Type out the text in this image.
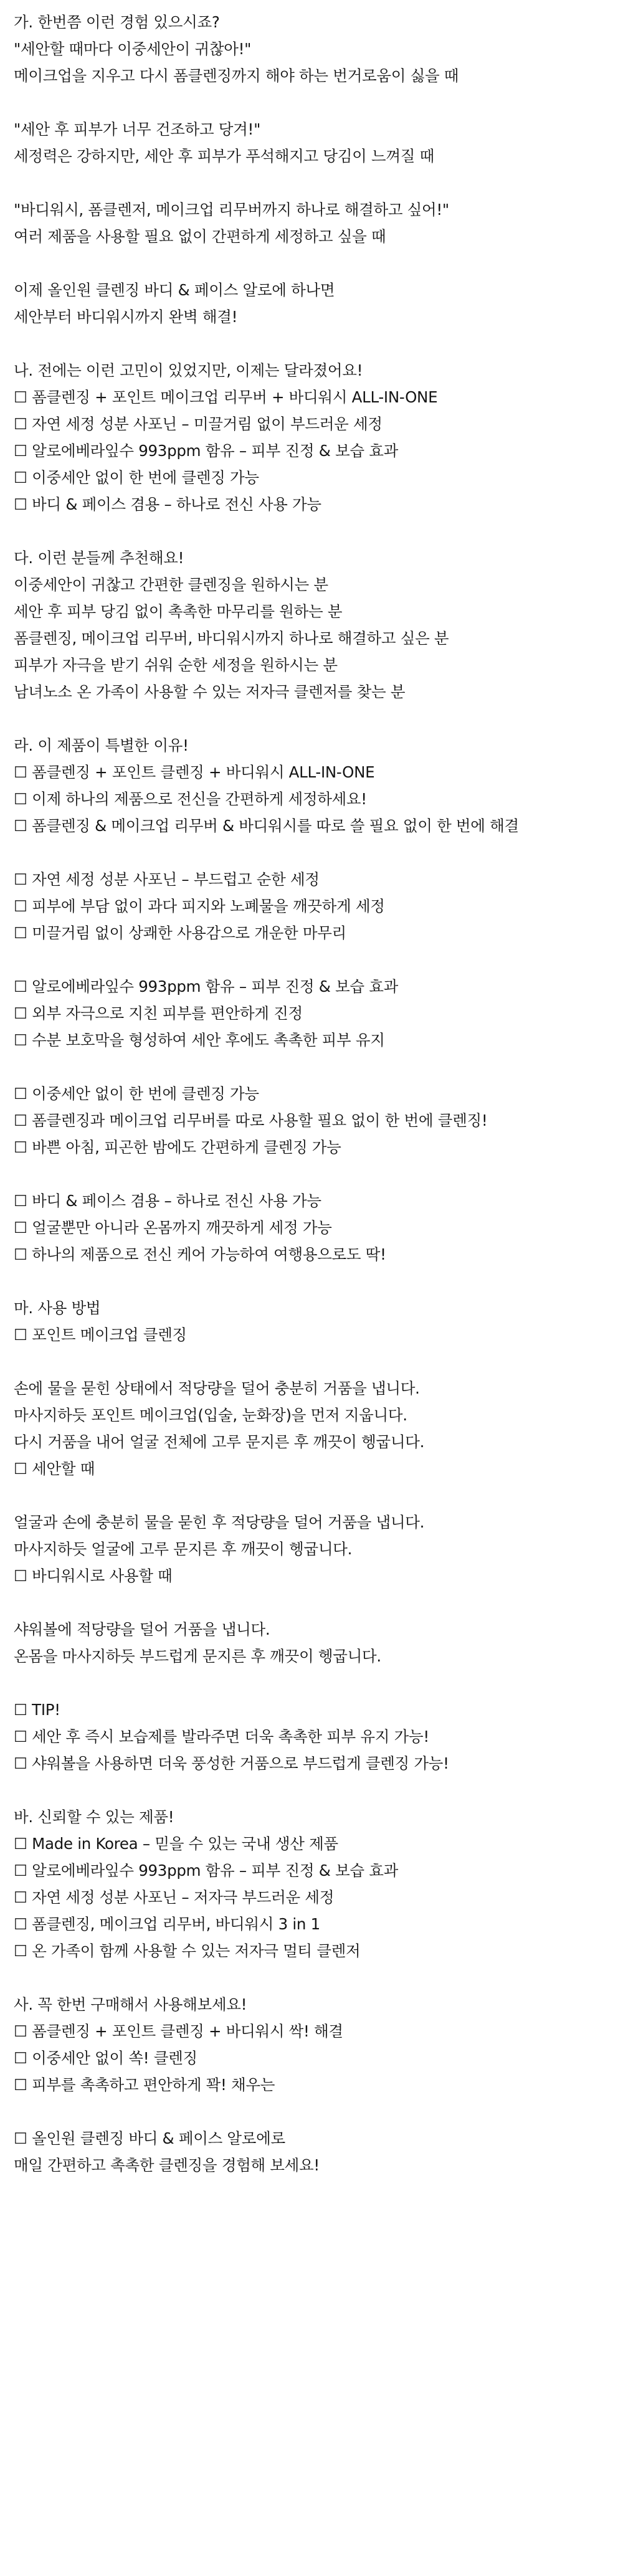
가. 한번쯤 이런 경험 있으시죠?

"세안할 때마다 이중세안이 귀찮아!"

메이크업을 지우고 다시 폼클렌징까지 해야 하는 번거로움이 싫을 때

"세안 후 피부가 너무 건조하고 당겨!"

세정력은 강하지만, 세안 후 피부가 푸석해지고 당김이 느껴질 때

"바디워시, 폼클렌저, 메이크업 리무버까지 하나로 해결하고 싶어!"

여러 제품을 사용할 필요 없이 간편하게 세정하고 싶을 때

이제 올인원 클렌징 바디 & 페이스 알로에 하나면

세안부터 바디워시까지 완벽 해결!

나. 전에는 이런 고민이 있었지만, 이제는 달라졌어요!

☐ 폼클렌징 + 포인트 메이크업 리무버 + 바디워시 ALL-IN-ONE

☐ 자연 세정 성분 사포닌 – 미끌거림 없이 부드러운 세정

☐ 알로에베라잎수 993ppm 함유 – 피부 진정 & 보습 효과

☐ 이중세안 없이 한 번에 클렌징 가능

☐ 바디 & 페이스 겸용 – 하나로 전신 사용 가능

다. 이런 분들께 추천해요!

이중세안이 귀찮고 간편한 클렌징을 원하시는 분

세안 후 피부 당김 없이 촉촉한 마무리를 원하는 분

폼클렌징, 메이크업 리무버, 바디워시까지 하나로 해결하고 싶은 분

피부가 자극을 받기 쉬워 순한 세정을 원하시는 분

남녀노소 온 가족이 사용할 수 있는 저자극 클렌저를 찾는 분

라. 이 제품이 특별한 이유!

☐ 폼클렌징 + 포인트 클렌징 + 바디워시 ALL-IN-ONE

☐ 이제 하나의 제품으로 전신을 간편하게 세정하세요!

☐ 폼클렌징 & 메이크업 리무버 & 바디워시를 따로 쓸 필요 없이 한 번에 해결

☐ 자연 세정 성분 사포닌 – 부드럽고 순한 세정

☐ 피부에 부담 없이 과다 피지와 노폐물을 깨끗하게 세정

☐ 미끌거림 없이 상쾌한 사용감으로 개운한 마무리

☐ 알로에베라잎수 993ppm 함유 – 피부 진정 & 보습 효과

☐ 외부 자극으로 지친 피부를 편안하게 진정

☐ 수분 보호막을 형성하여 세안 후에도 촉촉한 피부 유지

☐ 이중세안 없이 한 번에 클렌징 가능

☐ 폼클렌징과 메이크업 리무버를 따로 사용할 필요 없이 한 번에 클렌징!

☐ 바쁜 아침, 피곤한 밤에도 간편하게 클렌징 가능

☐ 바디 & 페이스 겸용 – 하나로 전신 사용 가능

☐ 얼굴뿐만 아니라 온몸까지 깨끗하게 세정 가능

☐ 하나의 제품으로 전신 케어 가능하여 여행용으로도 딱!

마. 사용 방법

☐ 포인트 메이크업 클렌징

손에 물을 묻힌 상태에서 적당량을 덜어 충분히 거품을 냅니다.

마사지하듯 포인트 메이크업(입술, 눈화장)을 먼저 지웁니다.

다시 거품을 내어 얼굴 전체에 고루 문지른 후 깨끗이 헹굽니다.

☐ 세안할 때

얼굴과 손에 충분히 물을 묻힌 후 적당량을 덜어 거품을 냅니다.

마사지하듯 얼굴에 고루 문지른 후 깨끗이 헹굽니다.

☐ 바디워시로 사용할 때

샤워볼에 적당량을 덜어 거품을 냅니다.

온몸을 마사지하듯 부드럽게 문지른 후 깨끗이 헹굽니다.

☐ TIP!

☐ 세안 후 즉시 보습제를 발라주면 더욱 촉촉한 피부 유지 가능!

☐ 샤워볼을 사용하면 더욱 풍성한 거품으로 부드럽게 클렌징 가능!

바. 신뢰할 수 있는 제품!

☐ Made in Korea – 믿을 수 있는 국내 생산 제품

☐ 알로에베라잎수 993ppm 함유 – 피부 진정 & 보습 효과

☐ 자연 세정 성분 사포닌 – 저자극 부드러운 세정

☐ 폼클렌징, 메이크업 리무버, 바디워시 3 in 1

☐ 온 가족이 함께 사용할 수 있는 저자극 멀티 클렌저

사. 꼭 한번 구매해서 사용해보세요!

☐ 폼클렌징 + 포인트 클렌징 + 바디워시 싹! 해결

☐ 이중세안 없이 쏙! 클렌징

☐ 피부를 촉촉하고 편안하게 꽉! 채우는

☐ 올인원 클렌징 바디 & 페이스 알로에로

매일 간편하고 촉촉한 클렌징을 경험해 보세요!
